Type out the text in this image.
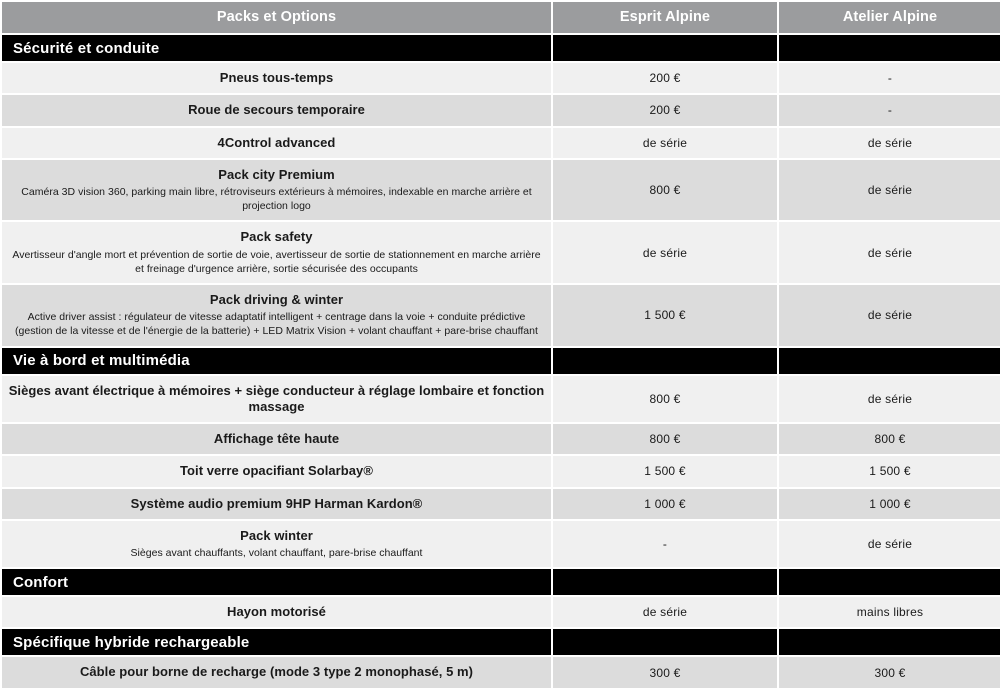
Packs et Options	Esprit Alpine	Atelier Alpine
Sécurité et conduite		

Pneus tous-temps	200 €	-

Roue de secours temporaire	200 €	-

4Control advanced	de série	de série

Pack city Premium
Caméra 3D vision 360, parking main libre, rétroviseurs extérieurs à mémoires, indexable en marche arrière et projection logo	800 €	de série

Pack safety
Avertisseur d'angle mort et prévention de sortie de voie, avertisseur de sortie de stationnement en marche arrière et freinage d'urgence arrière, sortie sécurisée des occupants	de série	de série

Pack driving & winter
Active driver assist : régulateur de vitesse adaptatif intelligent + centrage dans la voie + conduite prédictive (gestion de la vitesse et de l'énergie de la batterie) + LED Matrix Vision + volant chauffant + pare-brise chauffant	1 500 €	de série
Vie à bord et multimédia		

Sièges avant électrique à mémoires + siège conducteur à réglage lombaire et fonction massage	800 €	de série

Affichage tête haute	800 €	800 €

Toit verre opacifiant Solarbay®	1 500 €	1 500 €

Système audio premium 9HP Harman Kardon®	1 000 €	1 000 €

Pack winter
Sièges avant chauffants, volant chauffant, pare-brise chauffant	-	de série
Confort		

Hayon motorisé	de série	mains libres
Spécifique hybride rechargeable		

Câble pour borne de recharge (mode 3 type 2 monophasé, 5 m)	300 €	300 €
